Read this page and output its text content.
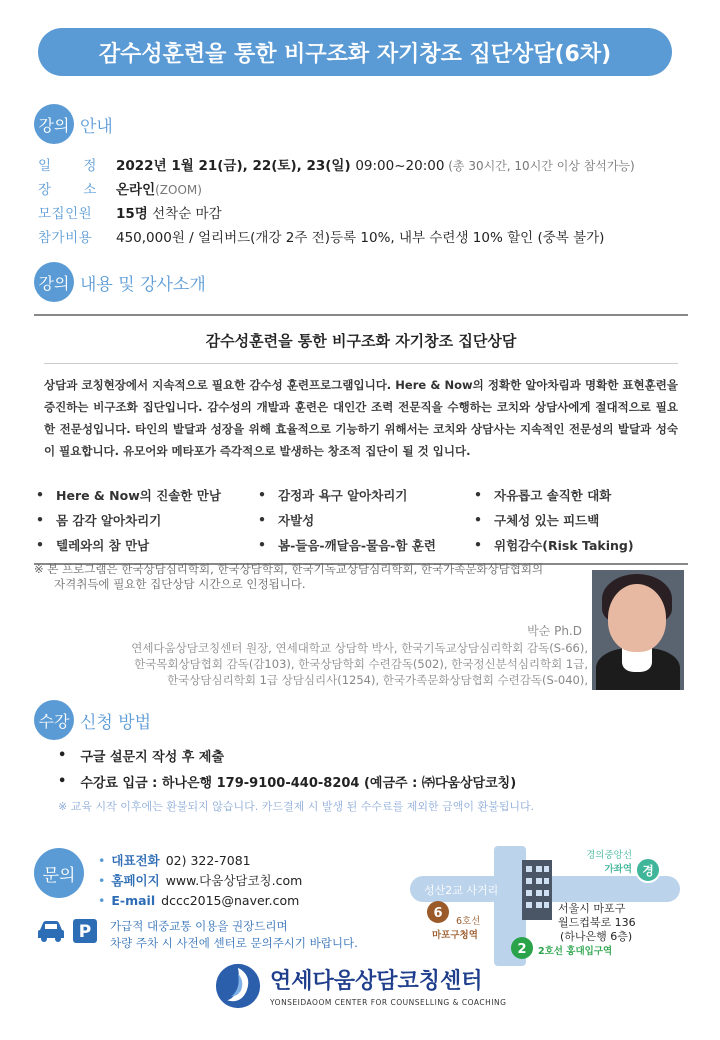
감수성훈련을 통한 비구조화 자기창조 집단상담(6차)
강의 안내
일 정 2022년 1월 21(금), 22(토), 23(일) 09:00~20:00 (총 30시간, 10시간 이상 참석가능)
장 소 온라인(ZOOM)
모집인원	15명 선착순 마감
참가비용	450,000원 / 얼리버드(개강 2주 전)등록 10%, 내부 수련생 10% 할인 (중복 불가)
강의 내용 및 강사소개
감수성훈련을 통한 비구조화 자기창조 집단상담
상담과 코칭현장에서 지속적으로 필요한 감수성 훈련프로그램입니다. Here & Now의 정확한 알아차림과 명확한 표현훈련을 증진하는 비구조화 집단입니다. 감수성의 개발과 훈련은 대인간 조력 전문직을 수행하는 코치와 상담사에게 절대적으로 필요한 전문성입니다. 타인의 발달과 성장을 위해 효율적으로 기능하기 위해서는 코치와 상담사는 지속적인 전문성의 발달과 성숙이 필요합니다. 유모어와 메타포가 즉각적으로 발생하는 창조적 집단이 될 것 입니다.
• Here & Now의 진솔한 만남	• 감정과 욕구 알아차리기	• 자유롭고 솔직한 대화
• 몸 감각 알아차리기	• 자발성	• 구체성 있는 피드백
• 텔레와의 참 만남	• 봄-들음-깨달음-물음-함 훈련	• 위험감수(Risk Taking)
※ 본 프로그램은 한국상담심리학회, 한국상담학회, 한국기독교상담심리학회, 한국가족문화상담협회의
자격취득에 필요한 집단상담 시간으로 인정됩니다.
박순 Ph.D
연세다움상담코칭센터 원장, 연세대학교 상담학 박사, 한국기독교상담심리학회 감독(S-66),
한국목회상담협회 감독(감103), 한국상담학회 수련감독(502), 한국정신분석심리학회 1급,
한국상담심리학회 1급 상담심리사(1254), 한국가족문화상담협회 수련감독(S-040),
수강 신청 방법
• 구글 설문지 작성 후 제출
• 수강료 입금 : 하나은행 179-9100-440-8204 (예금주 : ㈜다움상담코칭)
※ 교육 시작 이후에는 환불되지 않습니다. 카드결제 시 발생 된 수수료를 제외한 금액이 환불됩니다.
문의
• 대표전화 02) 322-7081
• 홈페이지 www.다움상담코칭.com
• E-mail dccc2015@naver.com
P 가급적 대중교통 이용을 권장드리며
차량 주차 시 사전에 센터로 문의주시기 바랍니다.
성산2교 사거리
6
6호선
마포구청역
2 2호선 홍대입구역
경
경의중앙선
가좌역
서울시 마포구
월드컵북로 136
(하나은행 6층)
연세다움상담코칭센터
YONSEIDAOOM CENTER FOR COUNSELLING & COACHING
